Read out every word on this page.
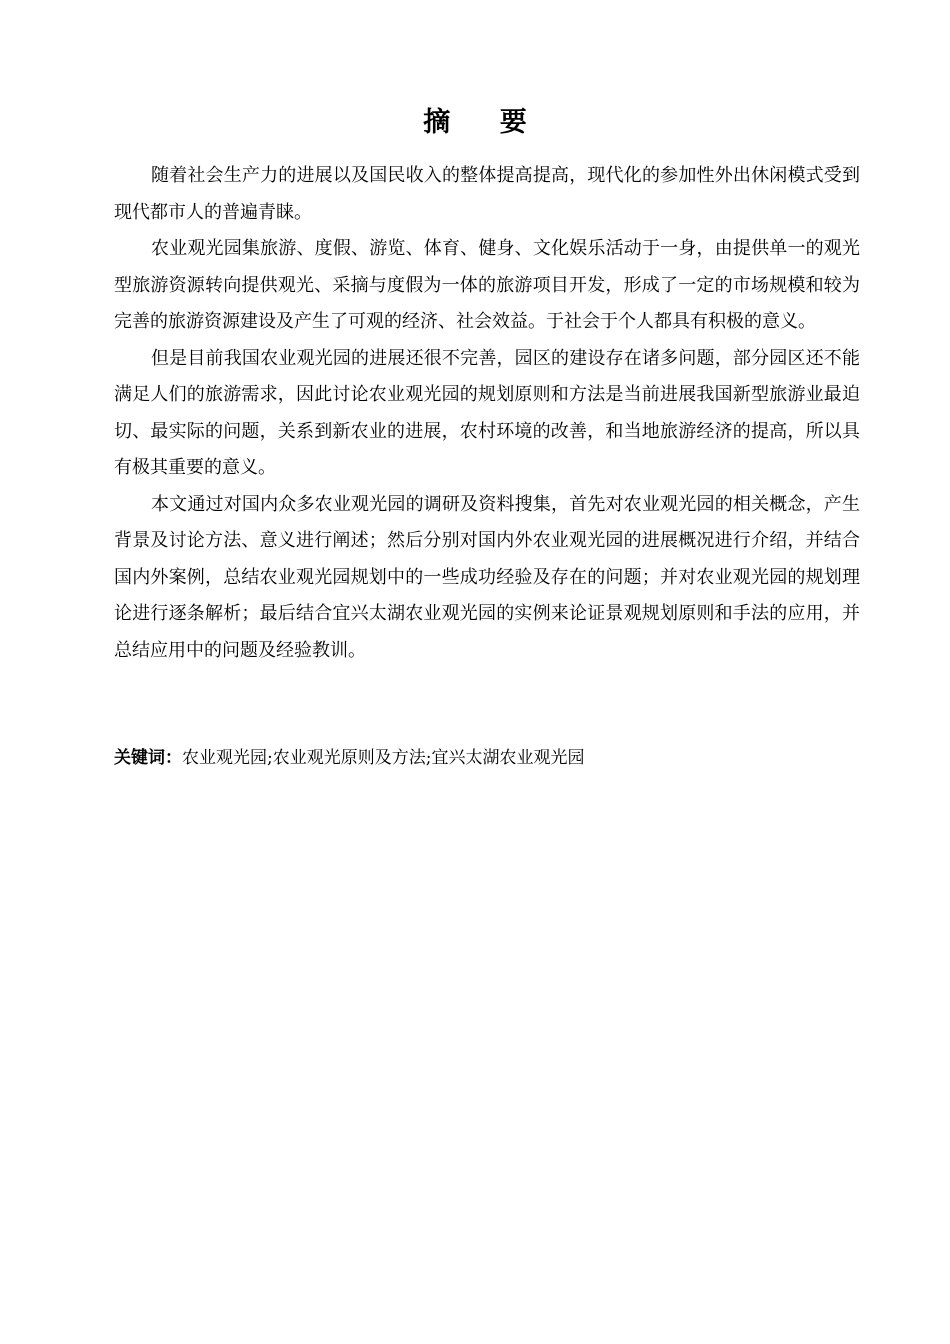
摘 要

随着社会生产力的进展以及国民收入的整体提高提高，现代化的参加性外出休闲模式受到现代都市人的普遍青睐。

农业观光园集旅游、度假、游览、体育、健身、文化娱乐活动于一身，由提供单一的观光型旅游资源转向提供观光、采摘与度假为一体的旅游项目开发，形成了一定的市场规模和较为完善的旅游资源建设及产生了可观的经济、社会效益。于社会于个人都具有积极的意义。

但是目前我国农业观光园的进展还很不完善，园区的建设存在诸多问题，部分园区还不能满足人们的旅游需求，因此讨论农业观光园的规划原则和方法是当前进展我国新型旅游业最迫切、最实际的问题，关系到新农业的进展，农村环境的改善，和当地旅游经济的提高，所以具有极其重要的意义。

本文通过对国内众多农业观光园的调研及资料搜集，首先对农业观光园的相关概念，产生背景及讨论方法、意义进行阐述；然后分别对国内外农业观光园的进展概况进行介绍，并结合国内外案例，总结农业观光园规划中的一些成功经验及存在的问题；并对农业观光园的规划理论进行逐条解析；最后结合宜兴太湖农业观光园的实例来论证景观规划原则和手法的应用，并总结应用中的问题及经验教训。

关键词：农业观光园;农业观光原则及方法;宜兴太湖农业观光园
